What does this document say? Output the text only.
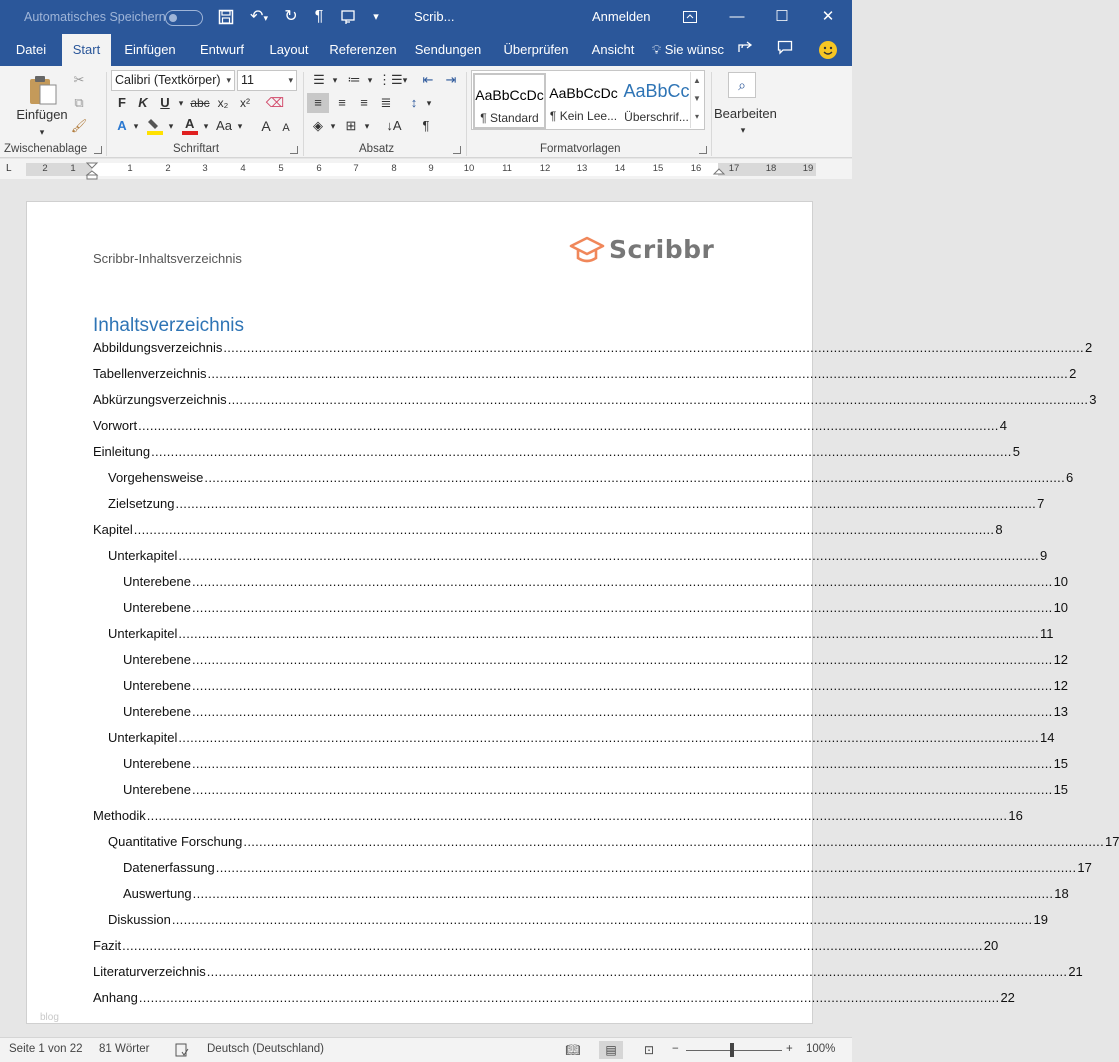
Automatisches Speichern	↶▾	↻	¶	▾	Scrib...	Anmelden	—	☐	✕
Datei	Start	Einfügen	Entwurf	Layout	Referenzen Sendungen	Überprüfen	Ansicht	💡︎ Sie wünsc
Einfügen
▾
✂
⧉
🖌︎
Zwischenablage
Calibri (Textkörper) ▾ 11	▾
F K U	▾ abc x₂ x²	⌫
A ▾	▾ A	▾ Aa ▾ A	A
Schriftart
☰ ▾ ≔ ▾ ⋮☰ ▾	⇤ ⇥
≡	≡	≡ ≣	↕	▾
◈ ▾ ⊞ ▾ ↓A	¶
Absatz	Formatvorlagen
Bearbeiten
▾
AaBbCcDc
¶ Standard
AaBbCcDc
¶ Kein Lee...
AaBbCc
Überschrif...
▲
▼
▾
⌕
L	2	1	1	2	3	4	5	6	7	8	9	10	11	12	13	14	15	16	17	18	19
Scribbr-Inhaltsverzeichnis	Scribbr
Inhaltsverzeichnis
Abbildungsverzeichnis ............................................................................................................................................................................................................................ 2
Tabellenverzeichnis ............................................................................................................................................................................................................................ 2
Abkürzungsverzeichnis ............................................................................................................................................................................................................................ 3
Vorwort ............................................................................................................................................................................................................................ 4
Einleitung ............................................................................................................................................................................................................................ 5
Vorgehensweise ............................................................................................................................................................................................................................ 6
Zielsetzung ............................................................................................................................................................................................................................ 7
Kapitel ............................................................................................................................................................................................................................ 8
Unterkapitel ............................................................................................................................................................................................................................ 9
Unterebene ............................................................................................................................................................................................................................ 10
Unterebene ............................................................................................................................................................................................................................ 10
Unterkapitel ............................................................................................................................................................................................................................ 11
Unterebene ............................................................................................................................................................................................................................ 12
Unterebene ............................................................................................................................................................................................................................ 12
Unterebene ............................................................................................................................................................................................................................ 13
Unterkapitel ............................................................................................................................................................................................................................ 14
Unterebene ............................................................................................................................................................................................................................ 15
Unterebene ............................................................................................................................................................................................................................ 15
Methodik ............................................................................................................................................................................................................................ 16
Quantitative Forschung ............................................................................................................................................................................................................................ 17
Datenerfassung ............................................................................................................................................................................................................................ 17
Auswertung ............................................................................................................................................................................................................................ 18
Diskussion ............................................................................................................................................................................................................................ 19
Fazit ............................................................................................................................................................................................................................ 20
Literaturverzeichnis ............................................................................................................................................................................................................................ 21
Anhang ............................................................................................................................................................................................................................ 22
blog
Seite 1 von 22 81 Wörter	Deutsch (Deutschland)	📖︎	▤	⊡	−	+ 100%
